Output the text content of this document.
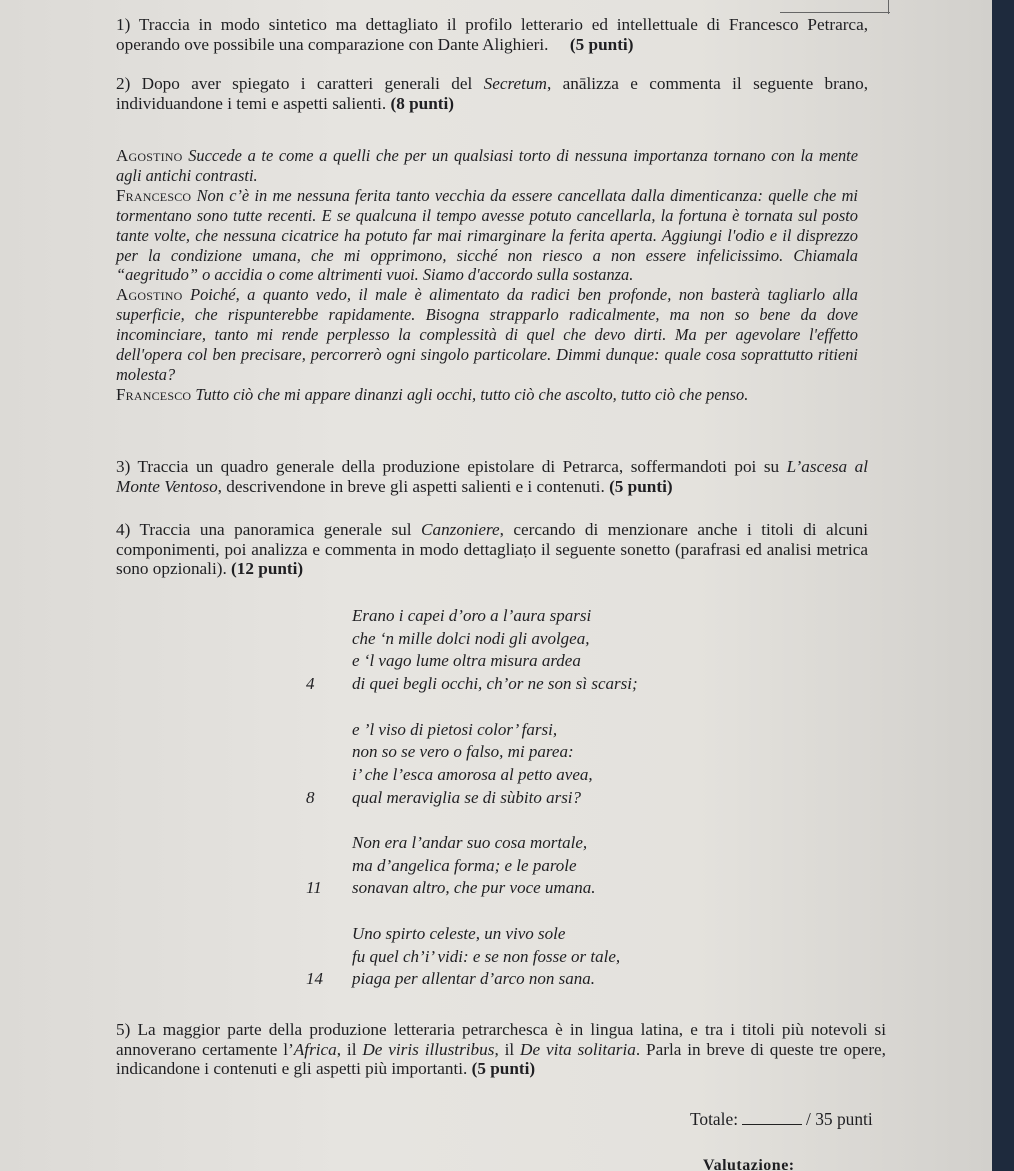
1) Traccia in modo sintetico ma dettagliato il profilo letterario ed intellettuale di Francesco Petrarca, operando ove possibile una comparazione con Dante Alighieri. (5 punti)

2) Dopo aver spiegato i caratteri generali del Secretum, anālizza e commenta il seguente brano, individuandone i temi e aspetti salienti. (8 punti)

Agostino Succede a te come a quelli che per un qualsiasi torto di nessuna importanza tornano con la mente agli antichi contrasti.

Francesco Non c’è in me nessuna ferita tanto vecchia da essere cancellata dalla dimenticanza: quelle che mi tormentano sono tutte recenti. E se qualcuna il tempo avesse potuto cancellarla, la fortuna è tornata sul posto tante volte, che nessuna cicatrice ha potuto far mai rimarginare la ferita aperta. Aggiungi l'odio e il disprezzo per la condizione umana, che mi opprimono, sicché non riesco a non essere infelicissimo. Chiamala “aegritudo” o accidia o come altrimenti vuoi. Siamo d'accordo sulla sostanza.

Agostino Poiché, a quanto vedo, il male è alimentato da radici ben profonde, non basterà tagliarlo alla superficie, che rispunterebbe rapidamente. Bisogna strapparlo radicalmente, ma non so bene da dove incominciare, tanto mi rende perplesso la complessità di quel che devo dirti. Ma per agevolare l'effetto dell'opera col ben precisare, percorrerò ogni singolo particolare. Dimmi dunque: quale cosa soprattutto ritieni molesta?

Francesco Tutto ciò che mi appare dinanzi agli occhi, tutto ciò che ascolto, tutto ciò che penso.

3) Traccia un quadro generale della produzione epistolare di Petrarca, soffermandoti poi su L’ascesa al Monte Ventoso, descrivendone in breve gli aspetti salienti e i contenuti. (5 punti)

4) Traccia una panoramica generale sul Canzoniere, cercando di menzionare anche i titoli di alcuni componimenti, poi analizza e commenta in modo dettagliaṭo il seguente sonetto (parafrasi ed analisi metrica sono opzionali). (12 punti)

Erano i capei d’oro a l’aura sparsi
che ‘n mille dolci nodi gli avolgea,
e ‘l vago lume oltra misura ardea
4 di quei begli occhi, ch’or ne son sì scarsi;
e ’l viso di pietosi color’ farsi,
non so se vero o falso, mi parea:
i’ che l’esca amorosa al petto avea,
8 qual meraviglia se di sùbito arsi?
Non era l’andar suo cosa mortale,
ma d’angelica forma; e le parole
11 sonavan altro, che pur voce umana.
Uno spirto celeste, un vivo sole
fu quel ch’i’ vidi: e se non fosse or tale,
14 piaga per allentar d’arco non sana.

5) La maggior parte della produzione letteraria petrarchesca è in lingua latina, e tra i titoli più notevoli si annoverano certamente l’Africa, il De viris illustribus, il De vita solitaria. Parla in breve di queste tre opere, indicandone i contenuti e gli aspetti più importanti. (5 punti)

Totale:	/ 35 punti
Valutazione:
